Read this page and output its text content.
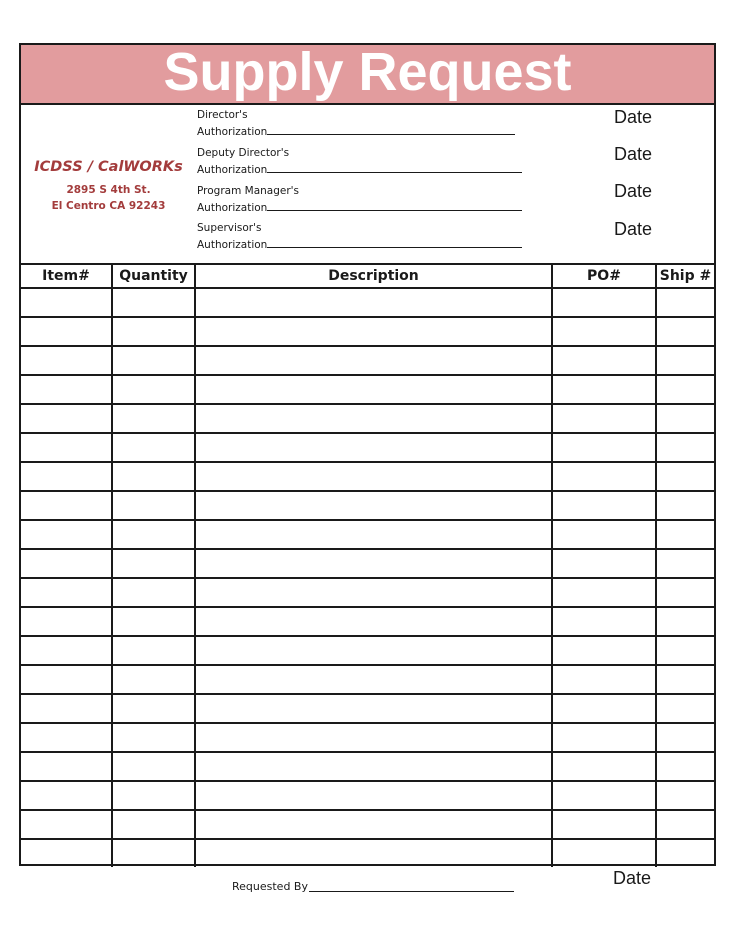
Supply Request
ICDSS / CalWORKs
2895 S 4th St.
El Centro CA 92243
Director's
Authorization
Date
Deputy Director's
Authorization
Date
Program Manager's
Authorization
Date
Supervisor's
Authorization
Date
Item#	Quantity	Description	PO#	Ship #

Requested By	Date
